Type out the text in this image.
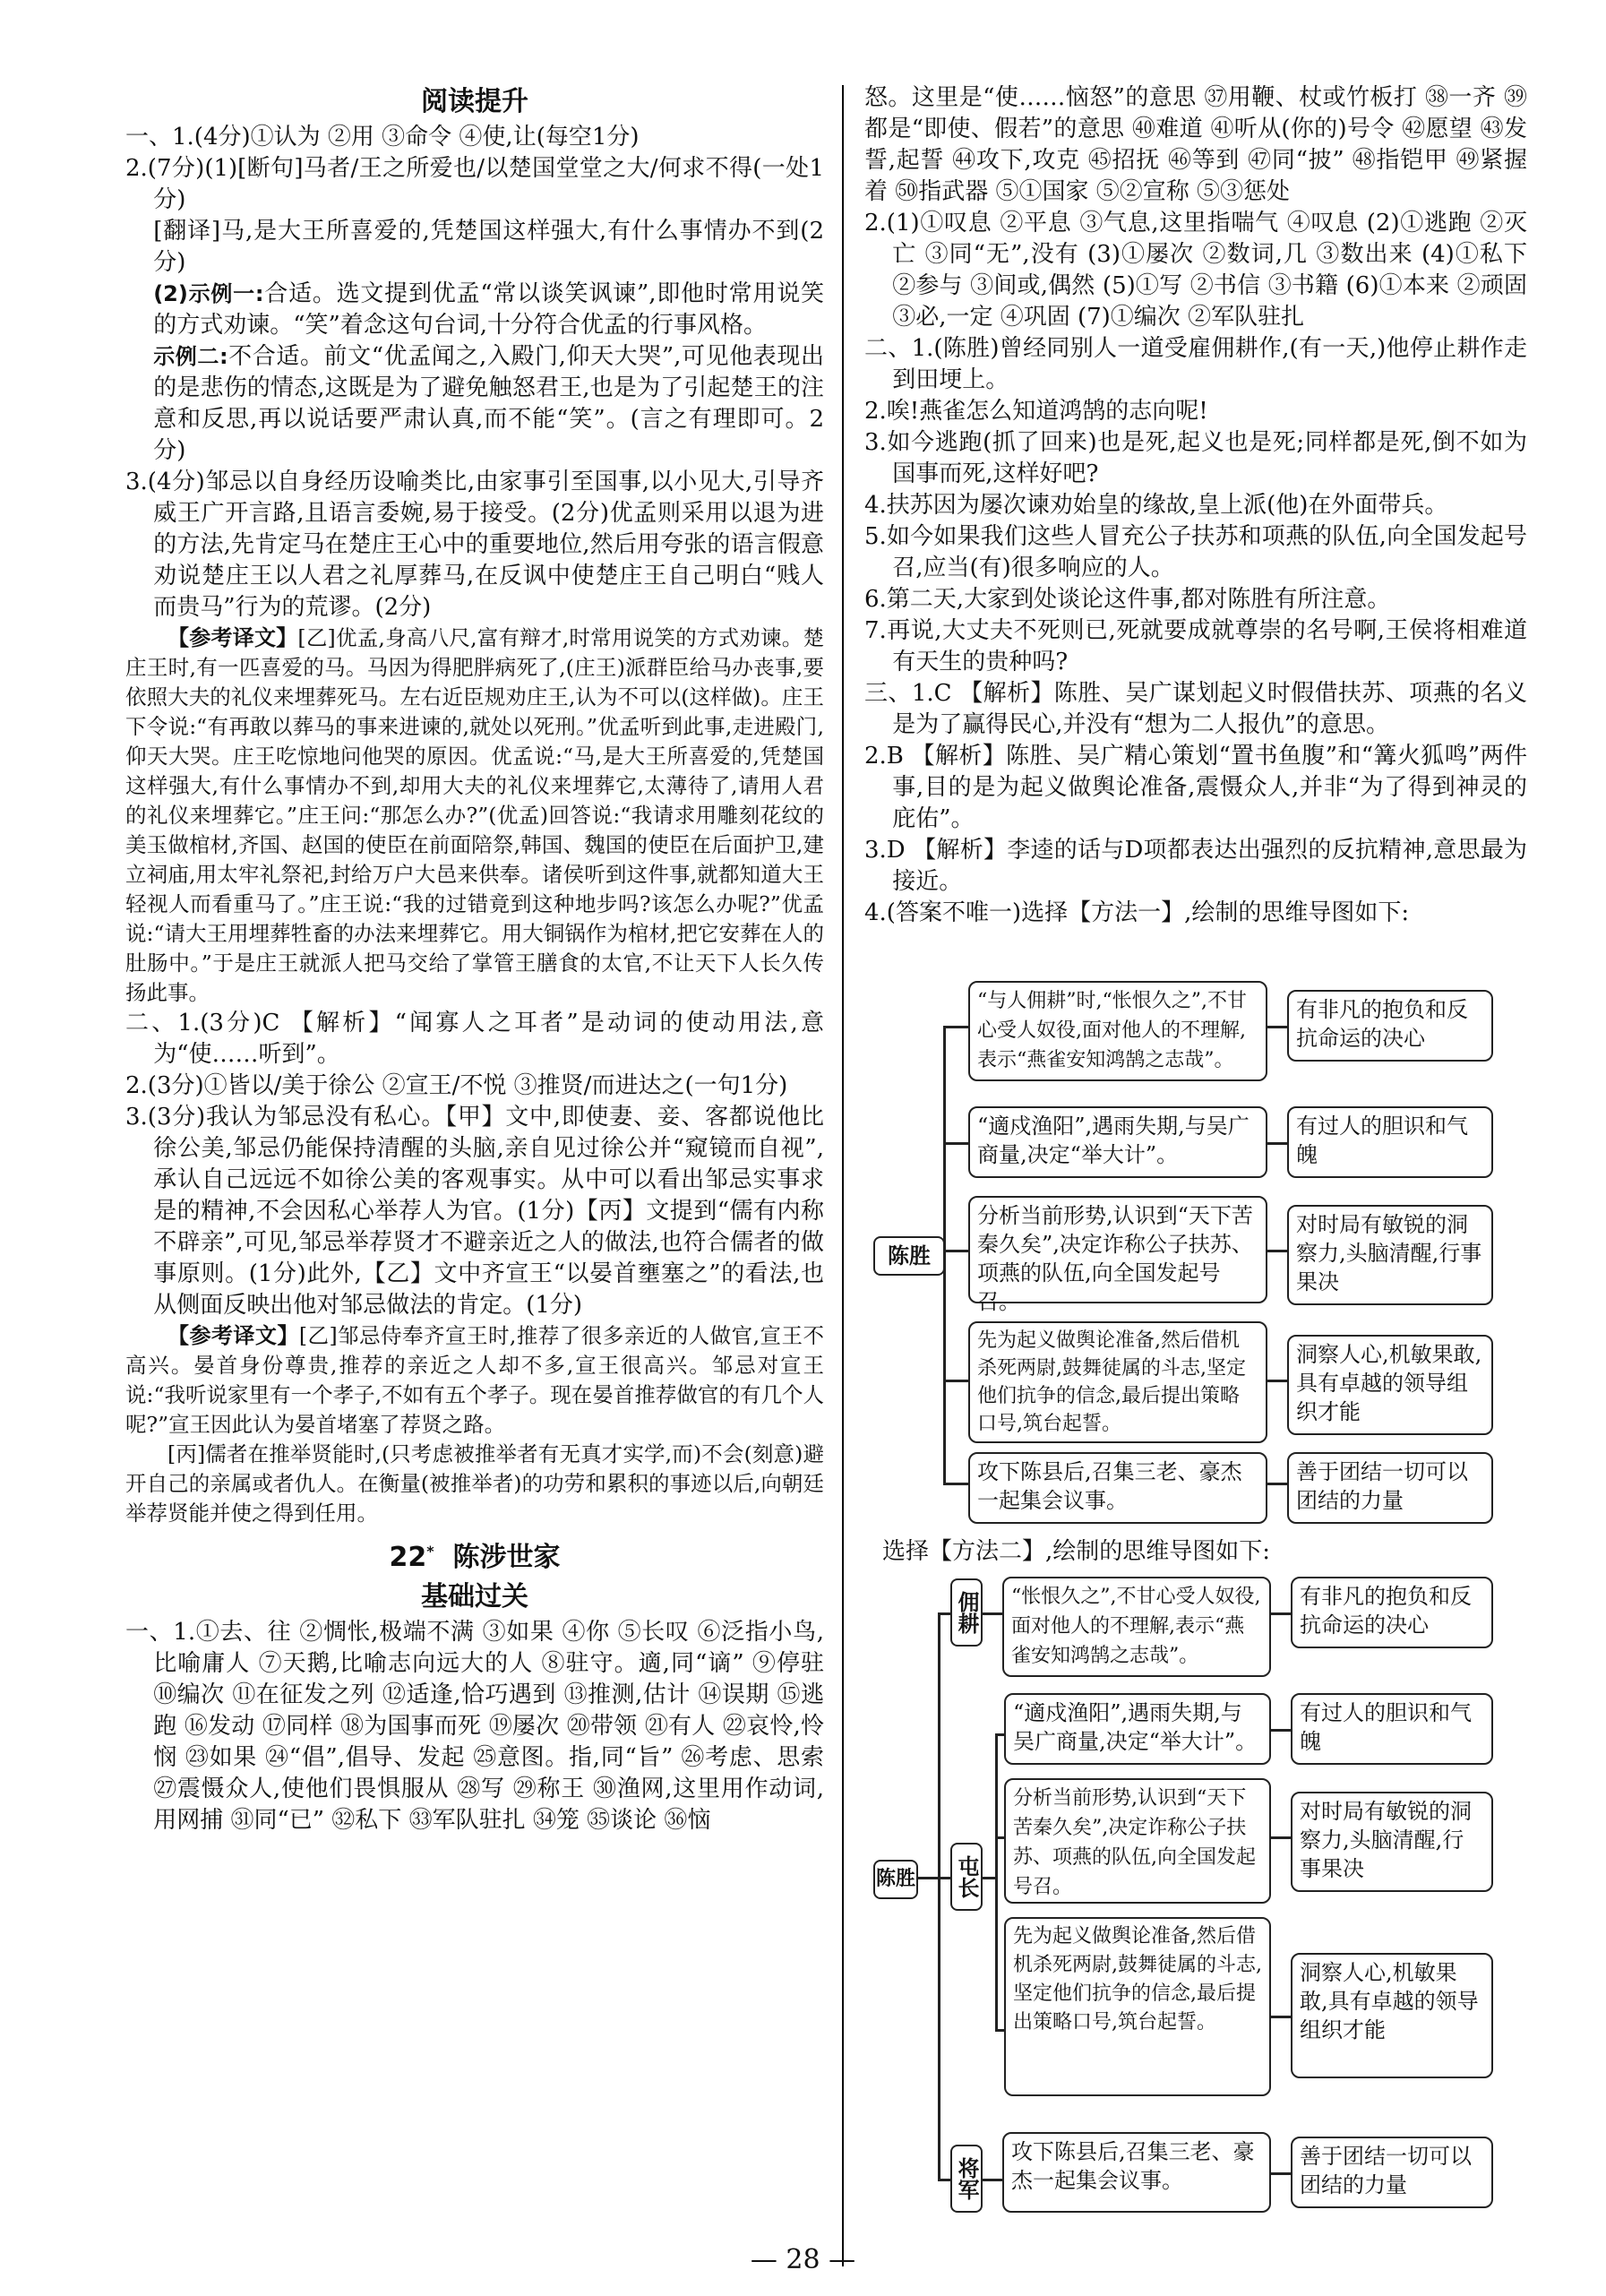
阅读提升

一、1.(4分)①认为 ②用 ③命令 ④使,让(每空1分)

2.(7分)(1)[断句]马者/王之所爱也/以楚国堂堂之大/何求不得(一处1分)

[翻译]马,是大王所喜爱的,凭楚国这样强大,有什么事情办不到(2分)

(2)示例一:合适。选文提到优孟“常以谈笑讽谏”,即他时常用说笑的方式劝谏。“笑”着念这句台词,十分符合优孟的行事风格。

示例二:不合适。前文“优孟闻之,入殿门,仰天大哭”,可见他表现出的是悲伤的情态,这既是为了避免触怒君王,也是为了引起楚王的注意和反思,再以说话要严肃认真,而不能“笑”。(言之有理即可。2分)

3.(4分)邹忌以自身经历设喻类比,由家事引至国事,以小见大,引导齐威王广开言路,且语言委婉,易于接受。(2分)优孟则采用以退为进的方法,先肯定马在楚庄王心中的重要地位,然后用夸张的语言假意劝说楚庄王以人君之礼厚葬马,在反讽中使楚庄王自己明白“贱人而贵马”行为的荒谬。(2分)

【参考译文】[乙]优孟,身高八尺,富有辩才,时常用说笑的方式劝谏。楚庄王时,有一匹喜爱的马。马因为得肥胖病死了,(庄王)派群臣给马办丧事,要依照大夫的礼仪来埋葬死马。左右近臣规劝庄王,认为不可以(这样做)。庄王下令说:“有再敢以葬马的事来进谏的,就处以死刑。”优孟听到此事,走进殿门,仰天大哭。庄王吃惊地问他哭的原因。优孟说:“马,是大王所喜爱的,凭楚国这样强大,有什么事情办不到,却用大夫的礼仪来埋葬它,太薄待了,请用人君的礼仪来埋葬它。”庄王问:“那怎么办?”(优孟)回答说:“我请求用雕刻花纹的美玉做棺材,齐国、赵国的使臣在前面陪祭,韩国、魏国的使臣在后面护卫,建立祠庙,用太牢礼祭祀,封给万户大邑来供奉。诸侯听到这件事,就都知道大王轻视人而看重马了。”庄王说:“我的过错竟到这种地步吗?该怎么办呢?”优孟说:“请大王用埋葬牲畜的办法来埋葬它。用大铜锅作为棺材,把它安葬在人的肚肠中。”于是庄王就派人把马交给了掌管王膳食的太官,不让天下人长久传扬此事。

二、1.(3分)C 【解析】“闻寡人之耳者”是动词的使动用法,意为“使……听到”。

2.(3分)①皆以/美于徐公 ②宣王/不悦 ③推贤/而进达之(一句1分)

3.(3分)我认为邹忌没有私心。【甲】文中,即使妻、妾、客都说他比徐公美,邹忌仍能保持清醒的头脑,亲自见过徐公并“窥镜而自视”,承认自己远远不如徐公美的客观事实。从中可以看出邹忌实事求是的精神,不会因私心举荐人为官。(1分)【丙】文提到“儒有内称不辟亲”,可见,邹忌举荐贤才不避亲近之人的做法,也符合儒者的做事原则。(1分)此外,【乙】文中齐宣王“以晏首壅塞之”的看法,也从侧面反映出他对邹忌做法的肯定。(1分)

【参考译文】[乙]邹忌侍奉齐宣王时,推荐了很多亲近的人做官,宣王不高兴。晏首身份尊贵,推荐的亲近之人却不多,宣王很高兴。邹忌对宣王说:“我听说家里有一个孝子,不如有五个孝子。现在晏首推荐做官的有几个人呢?”宣王因此认为晏首堵塞了荐贤之路。

[丙]儒者在推举贤能时,(只考虑被推举者有无真才实学,而)不会(刻意)避开自己的亲属或者仇人。在衡量(被推举者)的功劳和累积的事迹以后,向朝廷举荐贤能并使之得到任用。

22* 陈涉世家

基础过关

一、1.①去、往 ②惆怅,极端不满 ③如果 ④你 ⑤长叹 ⑥泛指小鸟,比喻庸人 ⑦天鹅,比喻志向远大的人 ⑧驻守。適,同“谪” ⑨停驻 ⑩编次 ⑪在征发之列 ⑫适逢,恰巧遇到 ⑬推测,估计 ⑭误期 ⑮逃跑 ⑯发动 ⑰同样 ⑱为国事而死 ⑲屡次 ⑳带领 ㉑有人 ㉒哀怜,怜悯 ㉓如果 ㉔“倡”,倡导、发起 ㉕意图。指,同“旨” ㉖考虑、思索 ㉗震慑众人,使他们畏惧服从 ㉘写 ㉙称王 ㉚渔网,这里用作动词,用网捕 ㉛同“已” ㉜私下 ㉝军队驻扎 ㉞笼 ㉟谈论 ㊱恼

怒。这里是“使……恼怒”的意思 ㊲用鞭、杖或竹板打 ㊳一齐 ㊴都是“即使、假若”的意思 ㊵难道 ㊶听从(你的)号令 ㊷愿望 ㊸发誓,起誓 ㊹攻下,攻克 ㊺招抚 ㊻等到 ㊼同“披” ㊽指铠甲 ㊾紧握着 ㊿指武器 ⑤①国家 ⑤②宣称 ⑤③惩处

2.(1)①叹息 ②平息 ③气息,这里指喘气 ④叹息 (2)①逃跑 ②灭亡 ③同“无”,没有 (3)①屡次 ②数词,几 ③数出来 (4)①私下 ②参与 ③间或,偶然 (5)①写 ②书信 ③书籍 (6)①本来 ②顽固 ③必,一定 ④巩固 (7)①编次 ②军队驻扎

二、1.(陈胜)曾经同别人一道受雇佣耕作,(有一天,)他停止耕作走到田埂上。

2.唉!燕雀怎么知道鸿鹄的志向呢!

3.如今逃跑(抓了回来)也是死,起义也是死;同样都是死,倒不如为国事而死,这样好吧?

4.扶苏因为屡次谏劝始皇的缘故,皇上派(他)在外面带兵。

5.如今如果我们这些人冒充公子扶苏和项燕的队伍,向全国发起号召,应当(有)很多响应的人。

6.第二天,大家到处谈论这件事,都对陈胜有所注意。

7.再说,大丈夫不死则已,死就要成就尊崇的名号啊,王侯将相难道有天生的贵种吗?

三、1.C 【解析】陈胜、吴广谋划起义时假借扶苏、项燕的名义是为了赢得民心,并没有“想为二人报仇”的意思。

2.B 【解析】陈胜、吴广精心策划“置书鱼腹”和“篝火狐鸣”两件事,目的是为起义做舆论准备,震慑众人,并非“为了得到神灵的庇佑”。

3.D 【解析】李逵的话与D项都表达出强烈的反抗精神,意思最为接近。

4.(答案不唯一)选择【方法一】,绘制的思维导图如下:

陈胜
“与人佣耕”时,“怅恨久之”,不甘心受人奴役,面对他人的不理解,表示“燕雀安知鸿鹄之志哉”。
有非凡的抱负和反抗命运的决心
“適戍渔阳”,遇雨失期,与吴广商量,决定“举大计”。
有过人的胆识和气魄
分析当前形势,认识到“天下苦秦久矣”,决定诈称公子扶苏、项燕的队伍,向全国发起号召。
对时局有敏锐的洞察力,头脑清醒,行事果决
先为起义做舆论准备,然后借机杀死两尉,鼓舞徒属的斗志,坚定他们抗争的信念,最后提出策略口号,筑台起誓。
洞察人心,机敏果敢,具有卓越的领导组织才能
攻下陈县后,召集三老、豪杰一起集会议事。
善于团结一切可以团结的力量

选择【方法二】,绘制的思维导图如下:

陈胜
佣耕
屯长
将军
“怅恨久之”,不甘心受人奴役,面对他人的不理解,表示“燕雀安知鸿鹄之志哉”。
有非凡的抱负和反抗命运的决心
“適戍渔阳”,遇雨失期,与吴广商量,决定“举大计”。
有过人的胆识和气魄
分析当前形势,认识到“天下苦秦久矣”,决定诈称公子扶苏、项燕的队伍,向全国发起号召。
对时局有敏锐的洞察力,头脑清醒,行事果决
先为起义做舆论准备,然后借机杀死两尉,鼓舞徒属的斗志,坚定他们抗争的信念,最后提出策略口号,筑台起誓。
洞察人心,机敏果敢,具有卓越的领导组织才能
攻下陈县后,召集三老、豪杰一起集会议事。
善于团结一切可以团结的力量
— 28 —
